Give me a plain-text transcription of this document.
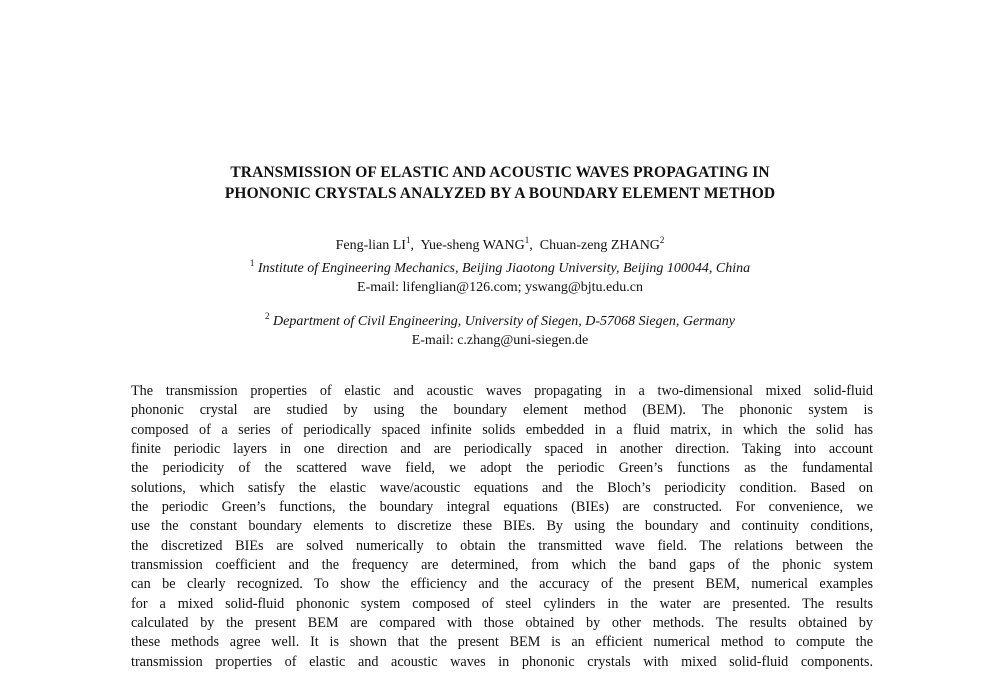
TRANSMISSION OF ELASTIC AND ACOUSTIC WAVES PROPAGATING IN
PHONONIC CRYSTALS ANALYZED BY A BOUNDARY ELEMENT METHOD
Feng-lian $LI^1$,  Yue-sheng WANG$^1$,  Chuan-zeng ZHANG$^2$
$^1$ Institute of Engineering Mechanics, Beijing Jiaotong University, Beijing 100044, China
E-mail: lifenglian@126.com; yswang@bjtu.edu.cn
$^2$ Department of Civil Engineering, University of Siegen, D-57068 Siegen, Germany
E-mail: c.zhang@uni-siegen.de
The transmission properties of elastic and acoustic waves propagating in a two-dimensional mixed solid-fluid
phononic crystal are studied by using the boundary element method (BEM). The phononic system is
composed of a series of periodically spaced infinite solids embedded in a fluid matrix, in which the solid has
finite periodic layers in one direction and are periodically spaced in another direction. Taking into account
the periodicity of the scattered wave field, we adopt the periodic Green’s functions as the fundamental
solutions, which satisfy the elastic wave/acoustic equations and the Bloch’s periodicity condition. Based on
the periodic Green’s functions, the boundary integral equations (BIEs) are constructed. For convenience, we
use the constant boundary elements to discretize these BIEs. By using the boundary and continuity conditions,
the discretized BIEs are solved numerically to obtain the transmitted wave field. The relations between the
transmission coefficient and the frequency are determined, from which the band gaps of the phonic system
can be clearly recognized. To show the efficiency and the accuracy of the present BEM, numerical examples
for a mixed solid-fluid phononic system composed of steel cylinders in the water are presented. The results
calculated by the present BEM are compared with those obtained by other methods. The results obtained by
these methods agree well. It is shown that the present BEM is an efficient numerical method to compute the
transmission properties of elastic and acoustic waves in phononic crystals with mixed solid-fluid components.
